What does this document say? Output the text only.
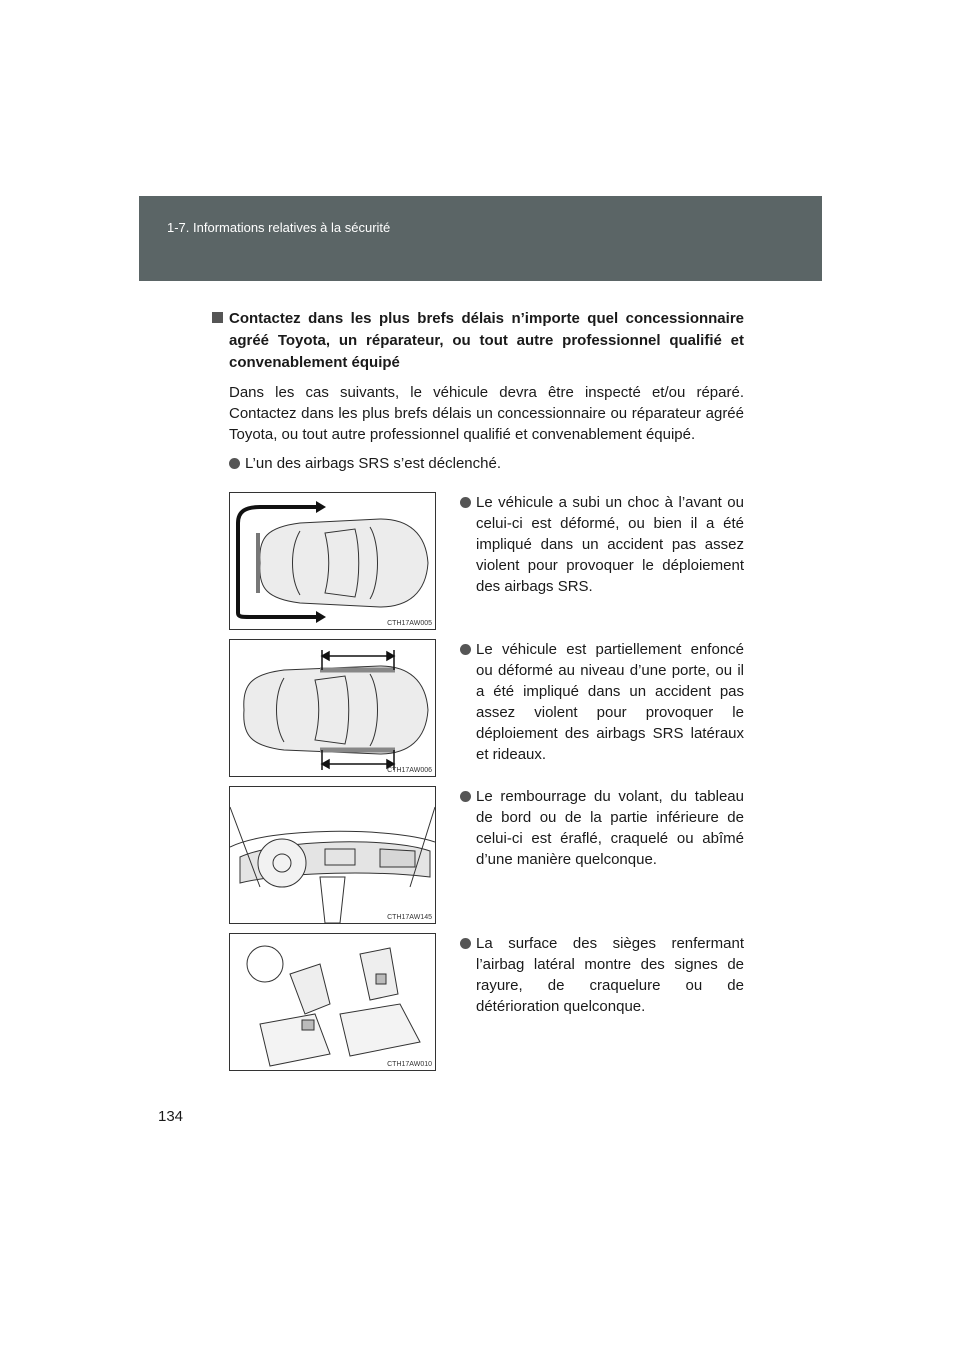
1-7. Informations relatives à la sécurité
Contactez dans les plus brefs délais n’importe quel concessionnaire agréé Toyota, un réparateur, ou tout autre professionnel qualifié et convenablement équipé
Dans les cas suivants, le véhicule devra être inspecté et/ou réparé. Contactez dans les plus brefs délais un concessionnaire ou réparateur agréé Toyota, ou tout autre professionnel qualifié et convenablement équipé.
L’un des airbags SRS s’est déclenché.
CTH17AW005
Le véhicule a subi un choc à l’avant ou celui-ci est déformé, ou bien il a été impliqué dans un accident pas assez violent pour provoquer le déploiement des airbags SRS.
CTH17AW006
Le véhicule est partiellement enfoncé ou déformé au niveau d’une porte, ou il a été impliqué dans un accident pas assez violent pour provoquer le déploiement des airbags SRS latéraux et rideaux.
CTH17AW145
Le rembourrage du volant, du tableau de bord ou de la partie inférieure de celui-ci est éraflé, craquelé ou abîmé d’une manière quelconque.
CTH17AW010
La surface des sièges renfermant l’airbag latéral montre des signes de rayure, de craquelure ou de détérioration quelconque.
134
